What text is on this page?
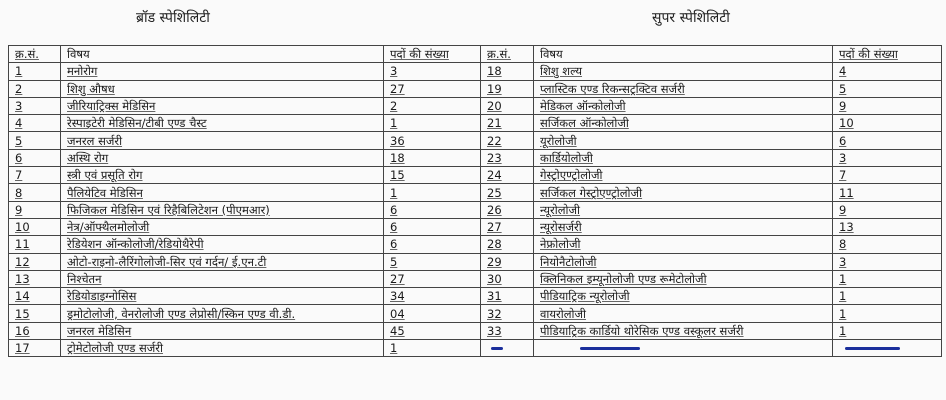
ब्रॉड स्पेशिलिटी	सुपर स्पेशिलिटी
क्र.सं.	विषय	पदों की संख्या	क्र.सं.	विषय	पदों की संख्या
1	मनोरोग	3	18	शिशु शल्य	4
2	शिशु औषध	27	19	प्लास्टिक एण्ड रिकन्सट्रक्टिव सर्जरी	5
3	जीरियाट्रिक्स मेडिसिन	2	20	मेडिकल ऑन्कोलोजी	9
4	रेस्पाइटेरी मेडिसिन/टीबी एण्ड चैस्ट	1	21	सर्जिकल ऑन्कोलोजी	10
5	जनरल सर्जरी	36	22	यूरोलोजी	6
6	अस्थि रोग	18	23	कार्डियोलोजी	3
7	स्त्री एवं प्रसूति रोग	15	24	गेस्ट्रोएण्ट्रोलोजी	7
8	पैलियेटिव मेडिसिन	1	25	सर्जिकल गेस्ट्रोएण्ट्रोलोजी	11
9	फिजिकल मेडिसिन एवं रिहैबिलिटेशन (पीएमआर)	6	26	न्यूरोलोजी	9
10	नेत्र/ऑफ्थैलमोलोजी	6	27	न्यूरोसर्जरी	13
11	रेडियेशन ऑन्कोलोजी/रेडियोथैरेपी	6	28	नेफ्रोलोजी	8
12	ओटो-राइनो-लैरिंगोलोजी-सिर एवं गर्दन/ ई.एन.टी	5	29	नियोनैटोलोजी	3
13	निश्चेतन	27	30	क्लिनिकल इम्यूनोलोजी एण्ड रूमेटोलोजी	1
14	रेडियोडाइग्नोसिस	34	31	पीडियाट्रिक न्यूरोलोजी	1
15	ड्रमोटोलोजी, वेनरोलोजी एण्ड लेप्रोसी/स्किन एण्ड वी.डी.	04	32	वायरोलोजी	1
16	जनरल मेडिसिन	45	33	पीडियाट्रिक कार्डियो थोरेसिक एण्ड वस्कूलर सर्जरी	1
17	ट्रोमेटोलोजी एण्ड सर्जरी	1			
